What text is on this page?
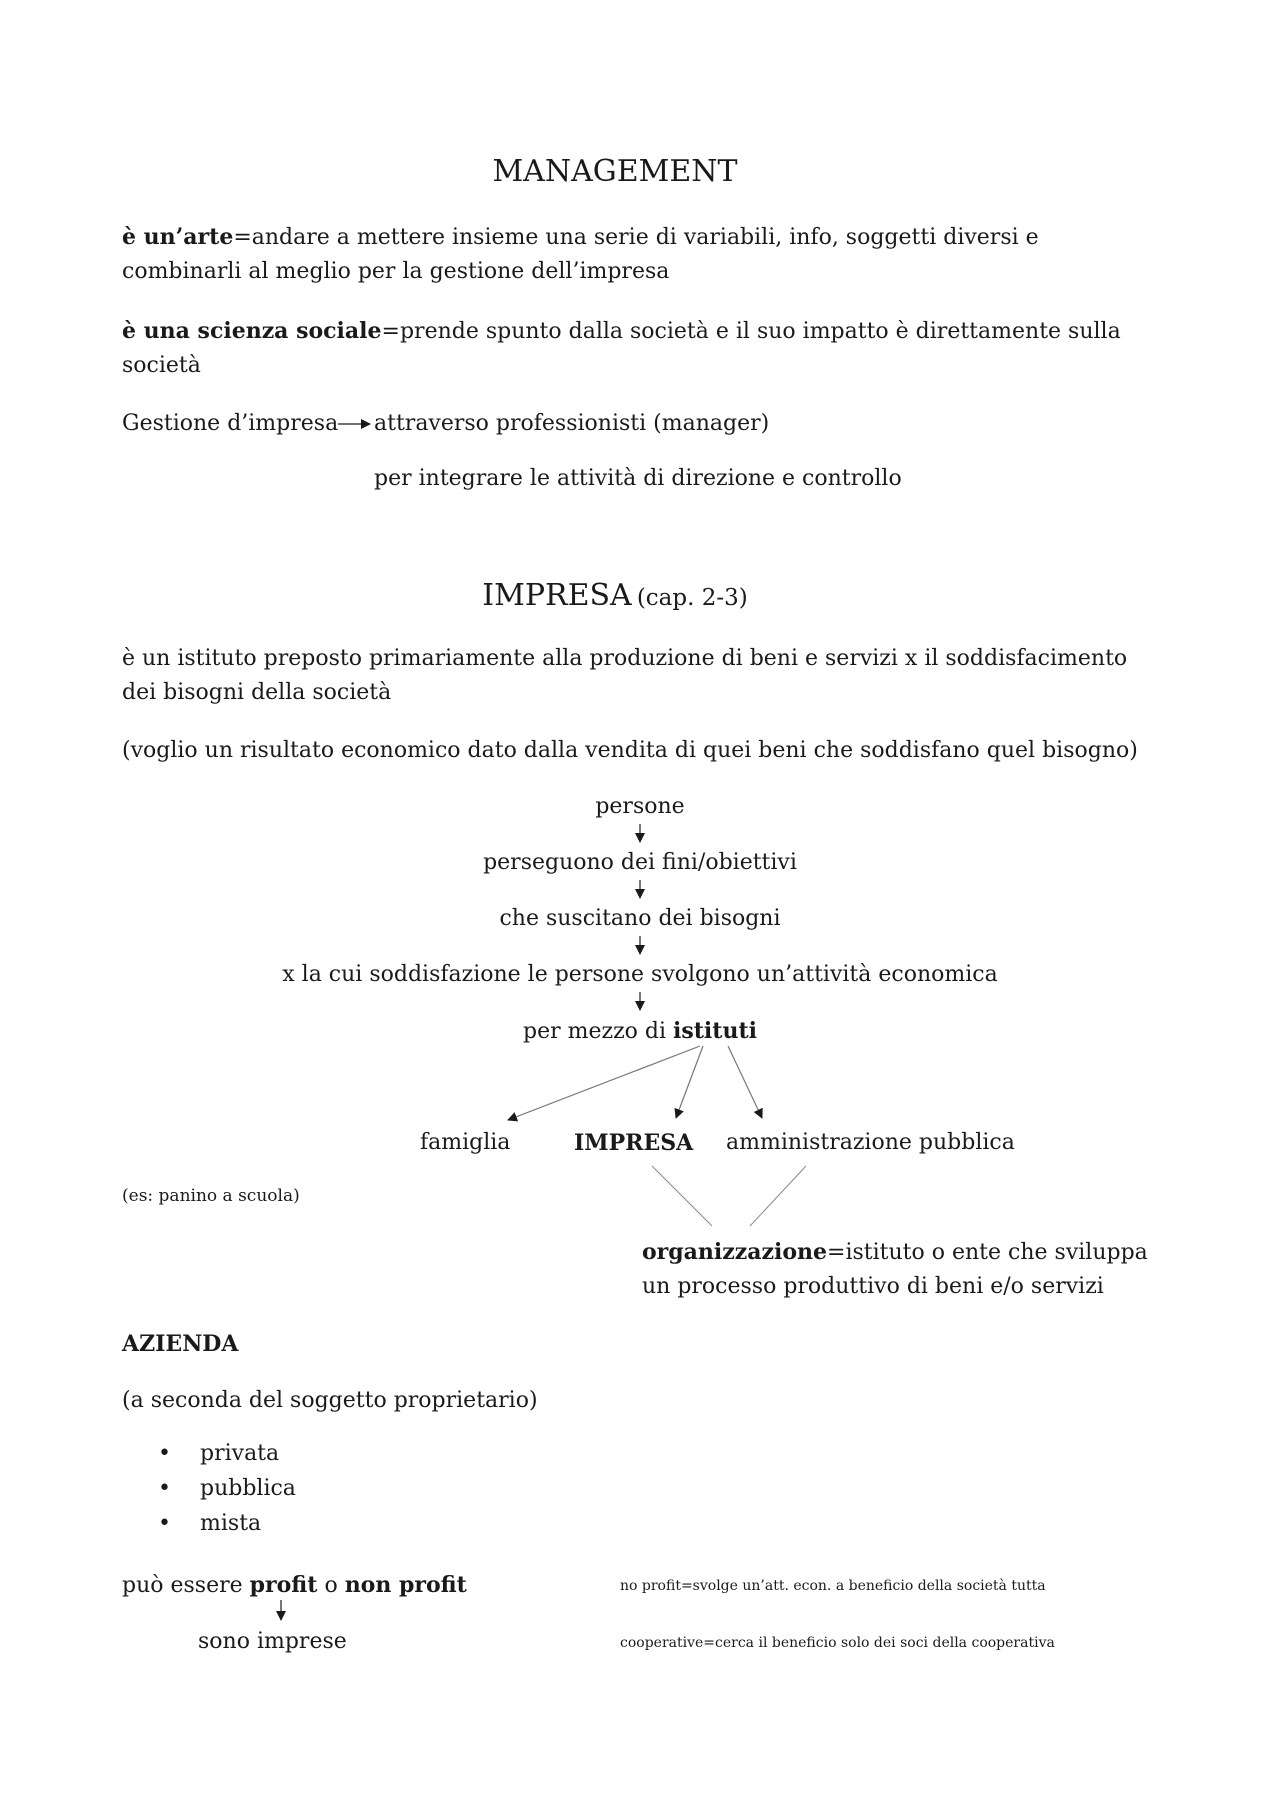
MANAGEMENT
è un’arte=andare a mettere insieme una serie di variabili, info, soggetti diversi e combinarli al meglio per la gestione dell’impresa
è una scienza sociale=prende spunto dalla società e il suo impatto è direttamente sulla società
Gestione d’impresa attraverso professionisti (manager)
per integrare le attività di direzione e controllo
IMPRESA (cap. 2-3)
è un istituto preposto primariamente alla produzione di beni e servizi x il soddisfacimento dei bisogni della società
(voglio un risultato economico dato dalla vendita di quei beni che soddisfano quel bisogno)
persone
perseguono dei fini/obiettivi
che suscitano dei bisogni
x la cui soddisfazione le persone svolgono un’attività economica
per mezzo di istituti
famiglia	IMPRESA amministrazione pubblica
(es: panino a scuola)
organizzazione=istituto o ente che sviluppa
un processo produttivo di beni e/o servizi
AZIENDA
(a seconda del soggetto proprietario)
• privata
• pubblica
• mista
può essere profit o non profit
sono imprese
no profit=svolge un’att. econ. a beneficio della società tutta
cooperative=cerca il beneficio solo dei soci della cooperativa
